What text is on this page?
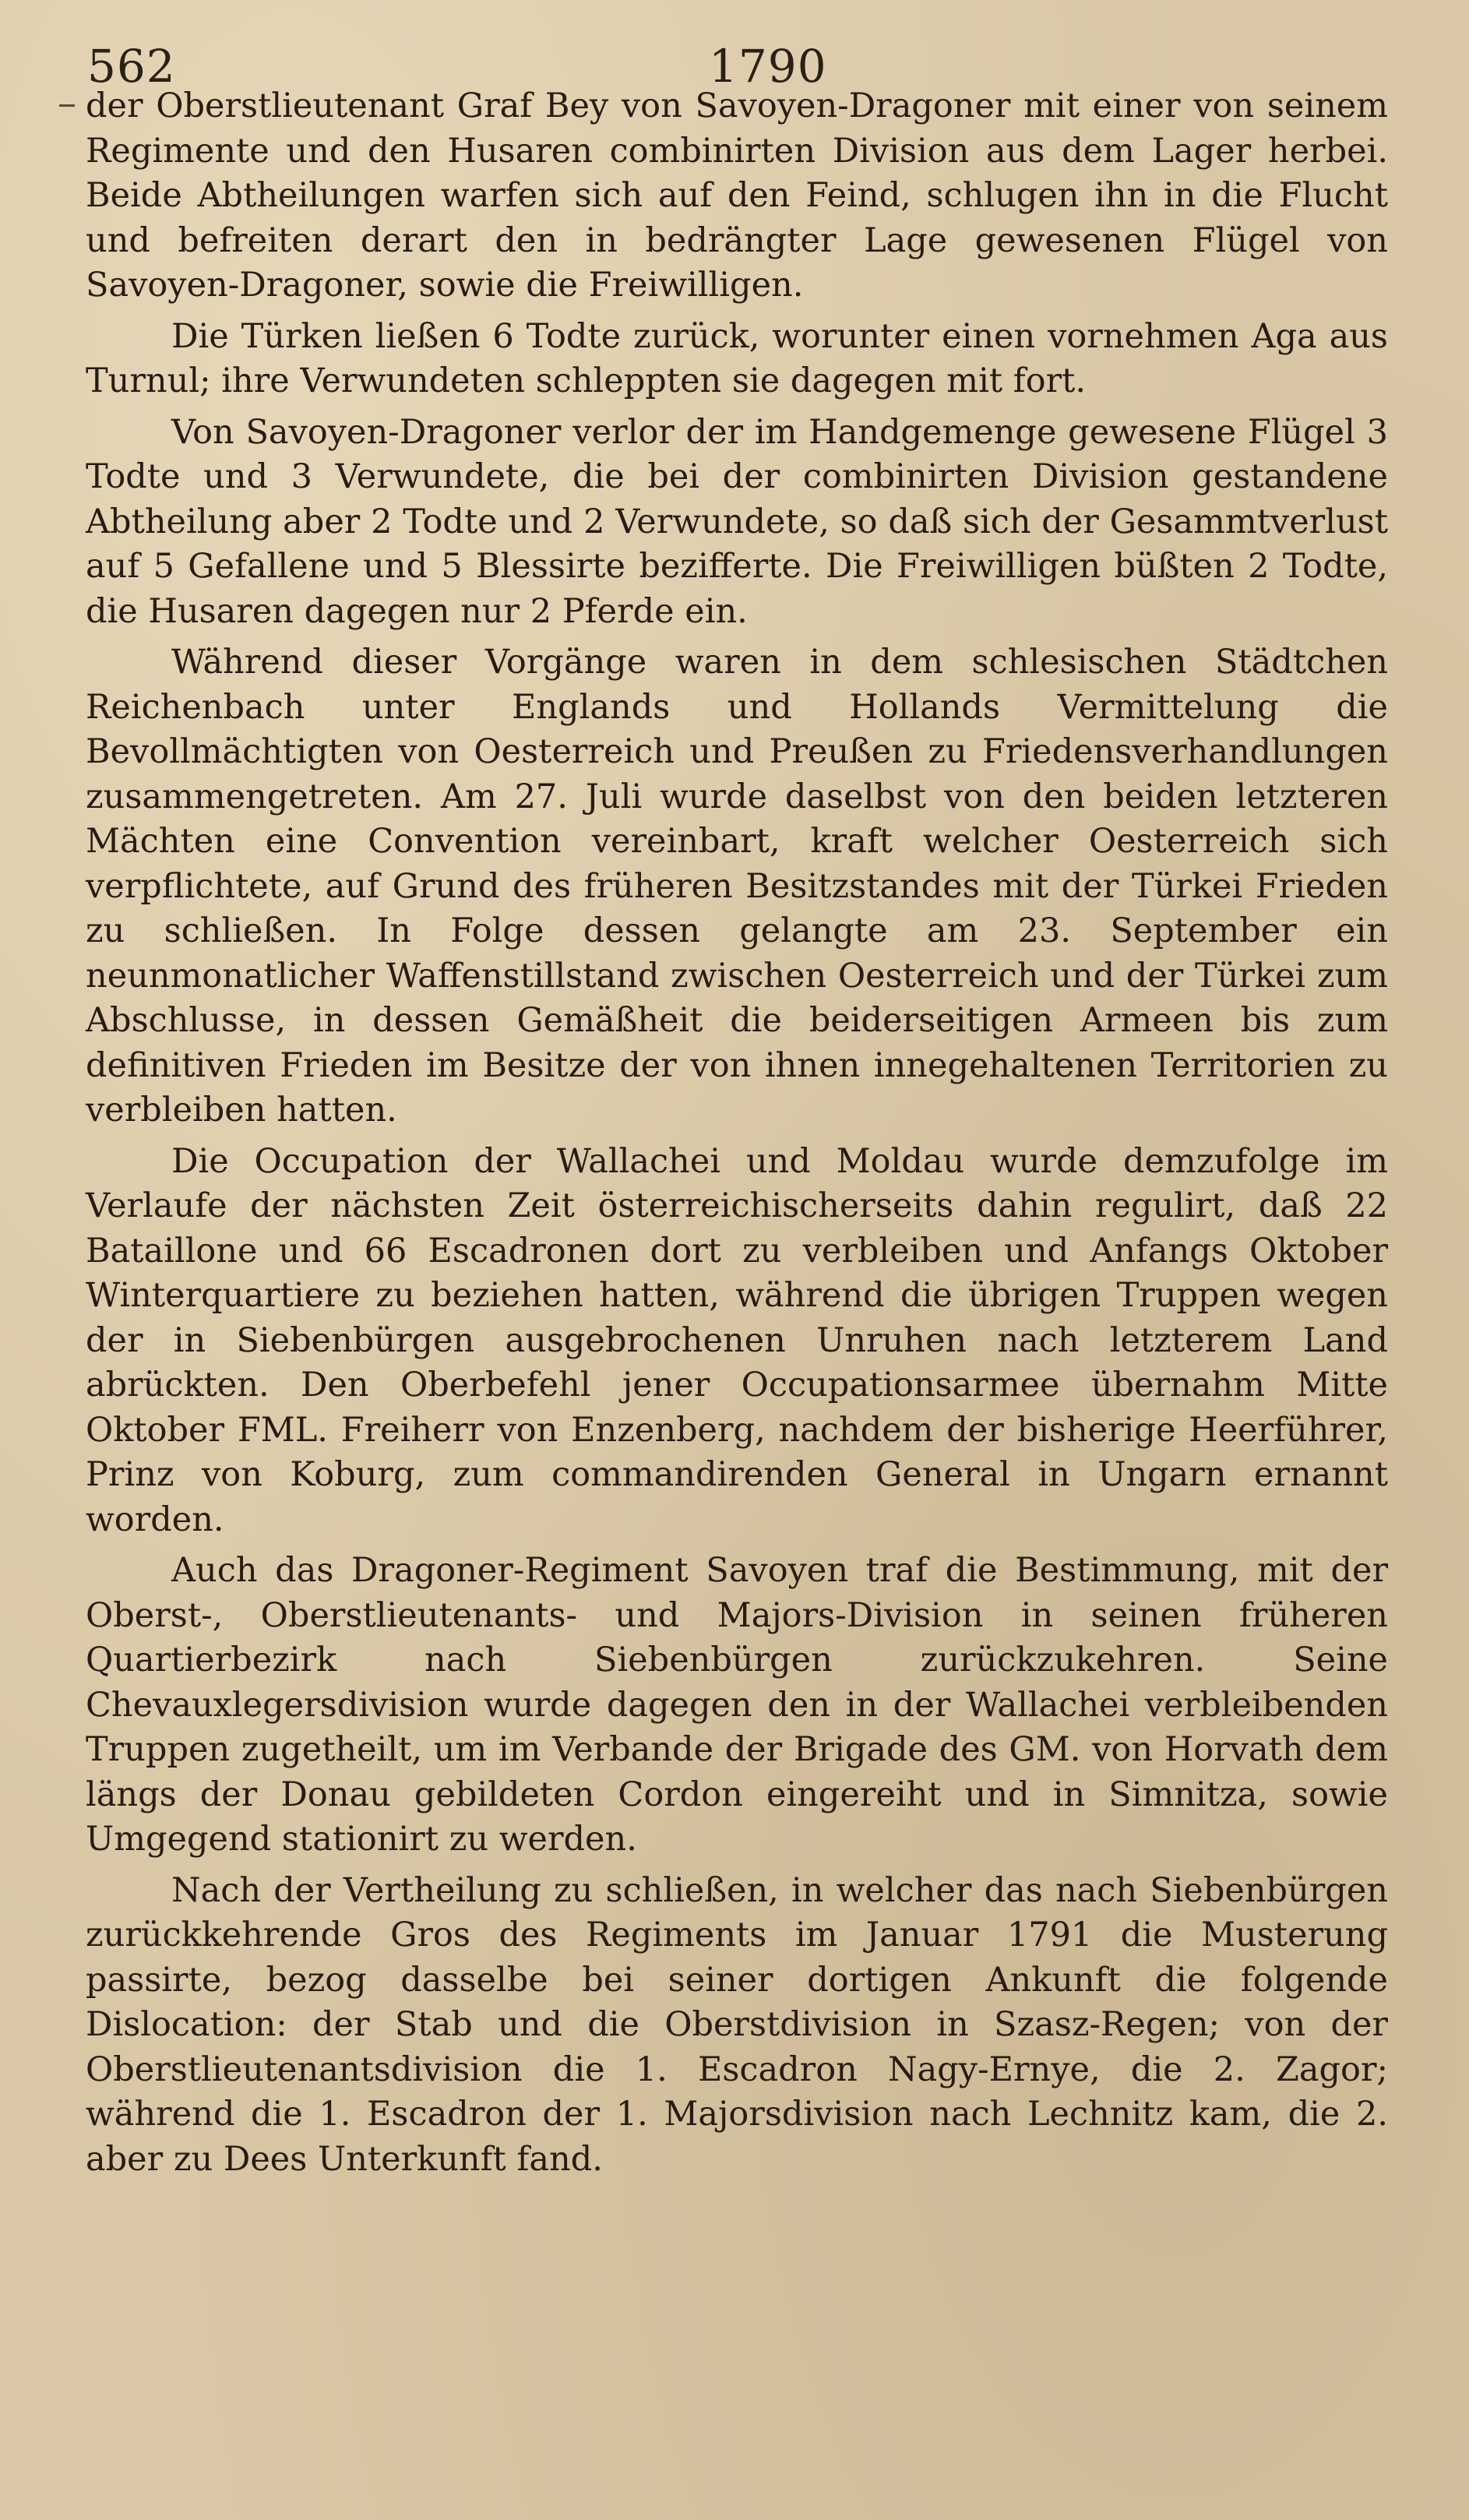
562	1790

der Oberstlieutenant Graf Bey von Savoyen-Dragoner mit einer von seinem Regimente und den Husaren combinirten Division aus dem Lager herbei. Beide Abtheilungen warfen sich auf den Feind, schlugen ihn in die Flucht und befreiten derart den in bedrängter Lage gewesenen Flügel von Savoyen-Dragoner, sowie die Freiwilligen.

Die Türken ließen 6 Todte zurück, worunter einen vornehmen Aga aus Turnul; ihre Verwundeten schleppten sie dagegen mit fort.

Von Savoyen-Dragoner verlor der im Handgemenge gewesene Flügel 3 Todte und 3 Verwundete, die bei der combinirten Division gestandene Abtheilung aber 2 Todte und 2 Verwundete, so daß sich der Gesammtverlust auf 5 Gefallene und 5 Blessirte bezifferte. Die Freiwilligen büßten 2 Todte, die Husaren dagegen nur 2 Pferde ein.

Während dieser Vorgänge waren in dem schlesischen Städtchen Reichenbach unter Englands und Hollands Vermittelung die Bevollmächtigten von Oesterreich und Preußen zu Friedensverhandlungen zusammengetreten. Am 27. Juli wurde daselbst von den beiden letzteren Mächten eine Convention vereinbart, kraft welcher Oesterreich sich verpflichtete, auf Grund des früheren Besitzstandes mit der Türkei Frieden zu schließen. In Folge dessen gelangte am 23. September ein neunmonatlicher Waffenstillstand zwischen Oesterreich und der Türkei zum Abschlusse, in dessen Gemäßheit die beiderseitigen Armeen bis zum definitiven Frieden im Besitze der von ihnen innegehaltenen Territorien zu verbleiben hatten.

Die Occupation der Wallachei und Moldau wurde demzufolge im Verlaufe der nächsten Zeit österreichischerseits dahin regulirt, daß 22 Bataillone und 66 Escadronen dort zu verbleiben und Anfangs Oktober Winterquartiere zu beziehen hatten, während die übrigen Truppen wegen der in Siebenbürgen ausgebrochenen Unruhen nach letzterem Land abrückten. Den Oberbefehl jener Occupationsarmee übernahm Mitte Oktober FML. Freiherr von Enzenberg, nachdem der bisherige Heerführer, Prinz von Koburg, zum commandirenden General in Ungarn ernannt worden.

Auch das Dragoner-Regiment Savoyen traf die Bestimmung, mit der Oberst-, Oberstlieutenants- und Majors-Division in seinen früheren Quartierbezirk nach Siebenbürgen zurückzukehren. Seine Chevauxlegersdivision wurde dagegen den in der Wallachei verbleibenden Truppen zugetheilt, um im Verbande der Brigade des GM. von Horvath dem längs der Donau gebildeten Cordon eingereiht und in Simnitza, sowie Umgegend stationirt zu werden.

Nach der Vertheilung zu schließen, in welcher das nach Siebenbürgen zurückkehrende Gros des Regiments im Januar 1791 die Musterung passirte, bezog dasselbe bei seiner dortigen Ankunft die folgende Dislocation: der Stab und die Oberstdivision in Szasz-Regen; von der Oberstlieutenantsdivision die 1. Escadron Nagy-Ernye, die 2. Zagor; während die 1. Escadron der 1. Majorsdivision nach Lechnitz kam, die 2. aber zu Dees Unterkunft fand.
